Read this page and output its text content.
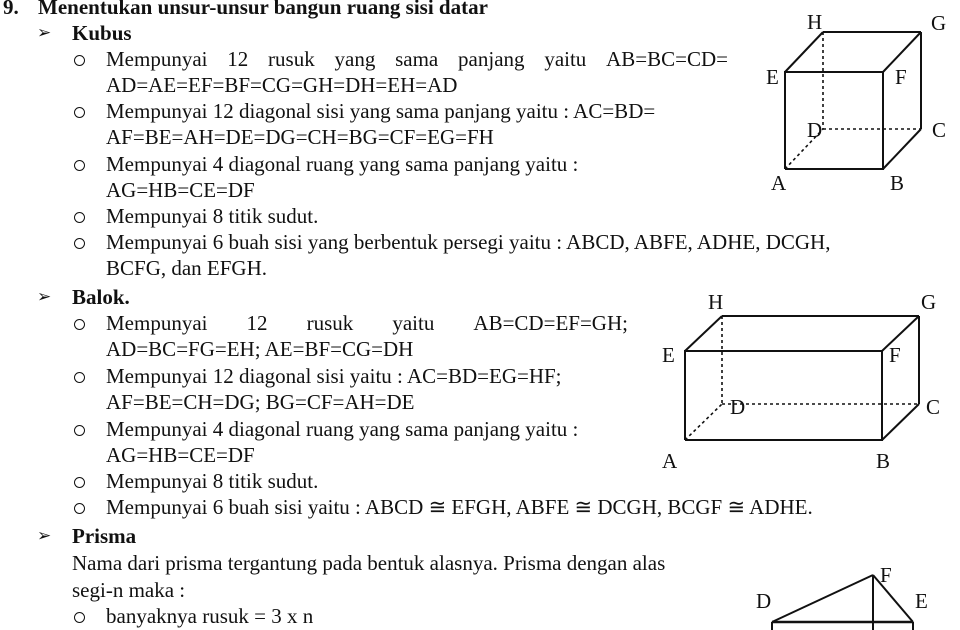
9. Menentukan unsur-unsur bangun ruang sisi datar
➢ Kubus
Mempunyai 12 rusuk yang sama panjang yaitu AB=BC=CD=
AD=AE=EF=BF=CG=GH=DH=EH=AD
Mempunyai 12 diagonal sisi yang sama panjang yaitu : AC=BD=
AF=BE=AH=DE=DG=CH=BG=CF=EG=FH
Mempunyai 4 diagonal ruang yang sama panjang yaitu :
AG=HB=CE=DF
Mempunyai 8 titik sudut.
Mempunyai 6 buah sisi yang berbentuk persegi yaitu : ABCD, ABFE, ADHE, DCGH,
BCFG, dan EFGH.
➢ Balok.
Mempunyai 12 rusuk yaitu AB=CD=EF=GH;
AD=BC=FG=EH; AE=BF=CG=DH
Mempunyai 12 diagonal sisi yaitu : AC=BD=EG=HF;
AF=BE=CH=DG; BG=CF=AH=DE
Mempunyai 4 diagonal ruang yang sama panjang yaitu :
AG=HB=CE=DF
Mempunyai 8 titik sudut.
Mempunyai 6 buah sisi yaitu : ABCD ≅ EFGH, ABFE ≅ DCGH, BCGF ≅ ADHE.
➢ Prisma
Nama dari prisma tergantung pada bentuk alasnya. Prisma dengan alas
segi-n maka :
banyaknya rusuk = 3 x n
H	G
E	F
D	C
A	B
H	G
E	F
D	C
A	B
F
D	E
